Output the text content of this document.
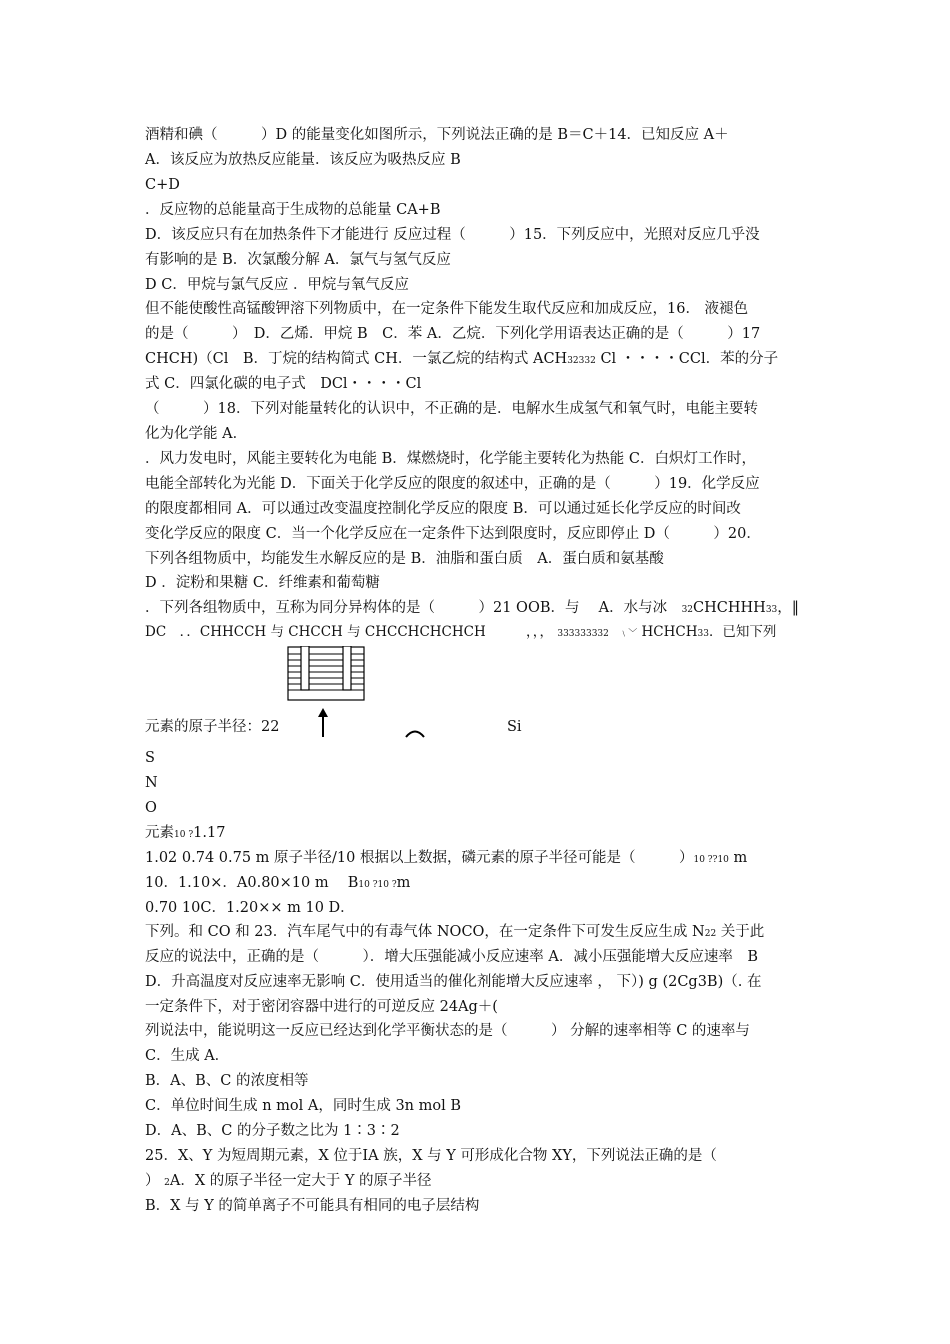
酒精和碘（　　　）D 的能量变化如图所示，下列说法正确的是 B＝C＋14．已知反应 A＋
A．该反应为放热反应能量．该反应为吸热反应 B
C+D
．反应物的总能量高于生成物的总能量 CA+B
D．该反应只有在加热条件下才能进行 反应过程（　　　）15．下列反应中，光照对反应几乎没
有影响的是 B．次氯酸分解 A．氯气与氢气反应
D C．甲烷与氯气反应 ．甲烷与氧气反应
但不能使酸性高锰酸钾溶下列物质中，在一定条件下能发生取代反应和加成反应，16． 液褪色
的是（　　　）　D．乙烯．甲烷 B　C．苯 A．乙烷．下列化学用语表达正确的是（　　　）17
CHCH)（Cl　B．丁烷的结构简式 CH．一氯乙烷的结构式 ACH32332 Cl ・・・・CCl．苯的分子
式 C．四氯化碳的电子式　DCl・・・・Cl
（　　　）18．下列对能量转化的认识中，不正确的是．电解水生成氢气和氧气时，电能主要转
化为化学能 A．
．风力发电时，风能主要转化为电能 B．煤燃烧时，化学能主要转化为热能 C．白炽灯工作时，
电能全部转化为光能 D．下面关于化学反应的限度的叙述中，正确的是（　　　）19．化学反应
的限度都相同 A．可以通过改变温度控制化学反应的限度 B．可以通过延长化学反应的时间改
变化学反应的限度 C．当一个化学反应在一定条件下达到限度时，反应即停止 D（　　　）20．
下列各组物质中，均能发生水解反应的是 B．油脂和蛋白质　A．蛋白质和氨基酸
D ．淀粉和果糖 C．纤维素和葡萄糖
．下列各组物质中，互称为同分异构体的是（　　　）21 OOB．与　 A．水与冰　 32CHCHHH33，‖
DC　．．CHHCCH 与 CHCCH 与 CHCCHCHCHCH	，，， 333333332 ﹨﹀ HCHCH33．已知下列
元素的原子半径：22	Si
S
N
O
元素10 ?1.17
1.02 0.74 0.75 m 原子半径/10 根据以上数据，磷元素的原子半径可能是（　　　）10 ??10 m
10．1.10×．A0.80×10 m　 B10 ?10 ?m
0.70 10C．1.20×× m 10 D．
下列。和 CO 和 23．汽车尾气中的有毒气体 NOCO，在一定条件下可发生反应生成 N22 关于此
反应的说法中，正确的是（　　　）．增大压强能减小反应速率 A．减小压强能增大反应速率　B
D．升高温度对反应速率无影响 C．使用适当的催化剂能增大反应速率 ， 下）) g (2Cg3B)（. 在
一定条件下，对于密闭容器中进行的可逆反应 24Ag＋(
列说法中，能说明这一反应已经达到化学平衡状态的是（　　　） 分解的速率相等 C 的速率与
C．生成 A．
B．A、B、C 的浓度相等
C．单位时间生成 n mol A，同时生成 3n mol B
D．A、B、C 的分子数之比为 1∶3∶2
25．X、Y 为短周期元素，X 位于ⅠA 族，X 与 Y 可形成化合物 XY，下列说法正确的是（
） 2A．X 的原子半径一定大于 Y 的原子半径
B．X 与 Y 的简单离子不可能具有相同的电子层结构
